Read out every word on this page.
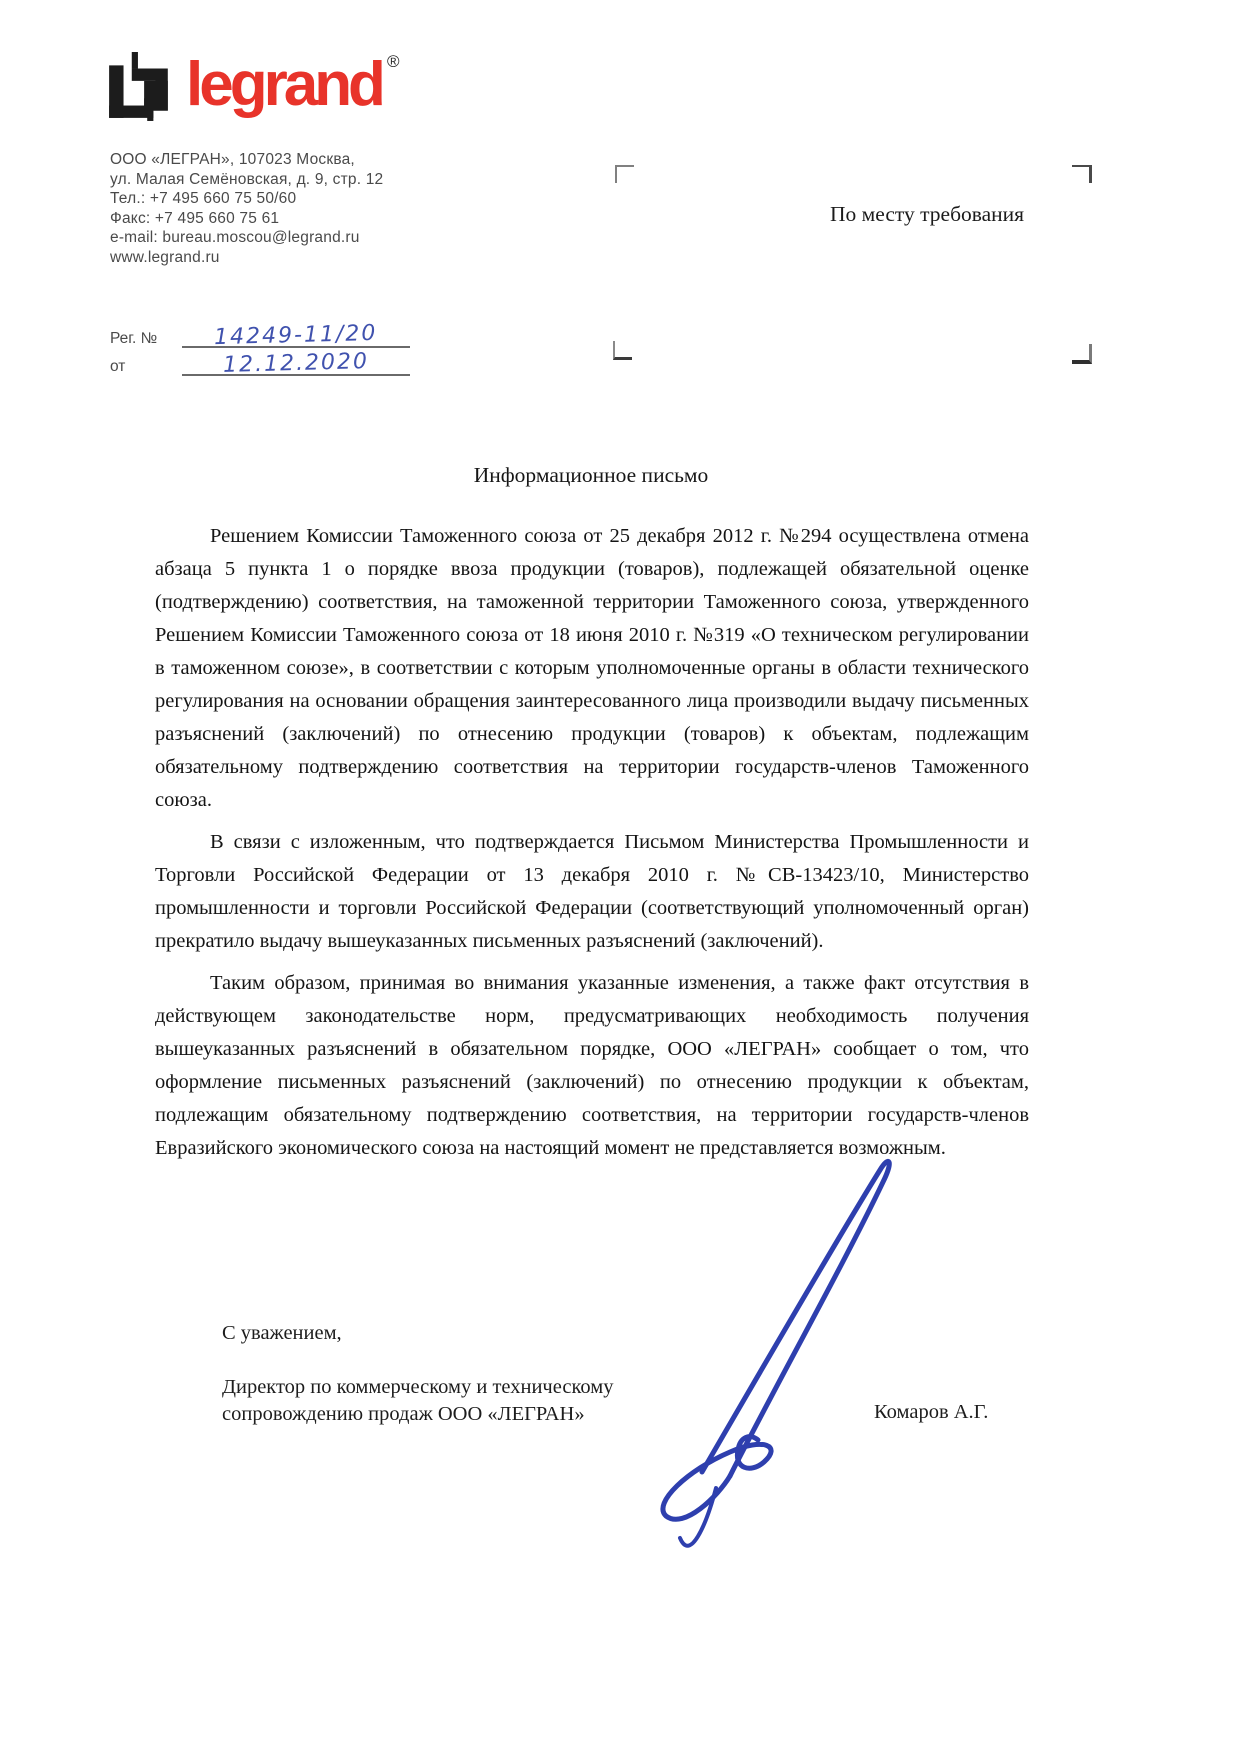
legrand ®
ООО «ЛЕГРАН», 107023 Москва,
ул. Малая Семёновская, д. 9, стр. 12
Тел.: +7 495 660 75 50/60
Факс: +7 495 660 75 61
e-mail: bureau.moscou@legrand.ru
www.legrand.ru
Рег. №	14249-11/20
от	12.12.2020
По месту требования
Информационное письмо

Решением Комиссии Таможенного союза от 25 декабря 2012 г. №294 осуществлена отмена абзаца 5 пункта 1 о порядке ввоза продукции (товаров), подлежащей обязательной оценке (подтверждению) соответствия, на таможенной территории Таможенного союза, утвержденного Решением Комиссии Таможенного союза от 18 июня 2010 г. №319 «О техническом регулировании в таможенном союзе», в соответствии с которым уполномоченные органы в области технического регулирования на основании обращения заинтересованного лица производили выдачу письменных разъяснений (заключений) по отнесению продукции (товаров) к объектам, подлежащим обязательному подтверждению соответствия на территории государств-членов Таможенного союза.

В связи с изложенным, что подтверждается Письмом Министерства Промышленности и Торговли Российской Федерации от 13 декабря 2010 г. №СВ-13423/10, Министерство промышленности и торговли Российской Федерации (соответствующий уполномоченный орган) прекратило выдачу вышеуказанных письменных разъяснений (заключений).

Таким образом, принимая во внимания указанные изменения, а также факт отсутствия в действующем законодательстве норм, предусматривающих необходимость получения вышеуказанных разъяснений в обязательном порядке, ООО «ЛЕГРАН» сообщает о том, что оформление письменных разъяснений (заключений) по отнесению продукции к объектам, подлежащим обязательному подтверждению соответствия, на территории государств-членов Евразийского экономического союза на настоящий момент не представляется возможным.

С уважением,
Директор по коммерческому и техническому
сопровождению продаж ООО «ЛЕГРАН»	Комаров А.Г.
